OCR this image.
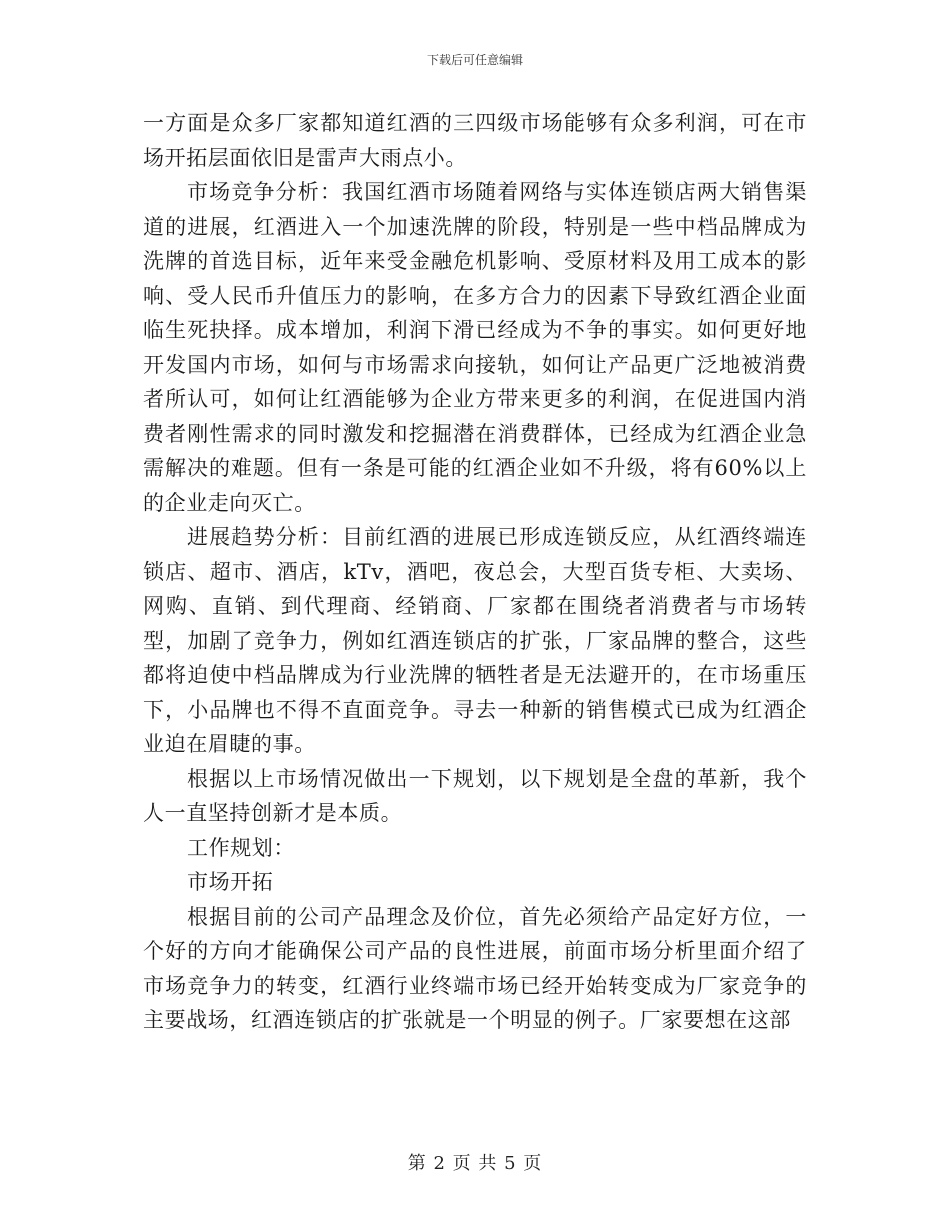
下载后可任意编辑

一方面是众多厂家都知道红酒的三四级市场能够有众多利润，可在市场开拓层面依旧是雷声大雨点小。

市场竞争分析：我国红酒市场随着网络与实体连锁店两大销售渠道的进展，红酒进入一个加速洗牌的阶段，特别是一些中档品牌成为洗牌的首选目标，近年来受金融危机影响、受原材料及用工成本的影响、受人民币升值压力的影响，在多方合力的因素下导致红酒企业面临生死抉择。成本增加，利润下滑已经成为不争的事实。如何更好地开发国内市场，如何与市场需求向接轨，如何让产品更广泛地被消费者所认可，如何让红酒能够为企业方带来更多的利润，在促进国内消费者刚性需求的同时激发和挖掘潜在消费群体，已经成为红酒企业急需解决的难题。但有一条是可能的红酒企业如不升级，将有60%以上的企业走向灭亡。

进展趋势分析：目前红酒的进展已形成连锁反应，从红酒终端连锁店、超市、酒店，kTv，酒吧，夜总会，大型百货专柜、大卖场、网购、直销、到代理商、经销商、厂家都在围绕者消费者与市场转型，加剧了竞争力，例如红酒连锁店的扩张，厂家品牌的整合，这些都将迫使中档品牌成为行业洗牌的牺牲者是无法避开的，在市场重压下，小品牌也不得不直面竞争。寻去一种新的销售模式已成为红酒企业迫在眉睫的事。

根据以上市场情况做出一下规划，以下规划是全盘的革新，我个人一直坚持创新才是本质。

工作规划：

市场开拓

根据目前的公司产品理念及价位，首先必须给产品定好方位，一个好的方向才能确保公司产品的良性进展，前面市场分析里面介绍了市场竞争力的转变，红酒行业终端市场已经开始转变成为厂家竞争的主要战场，红酒连锁店的扩张就是一个明显的例子。厂家要想在这部

第 2 页 共 5 页
